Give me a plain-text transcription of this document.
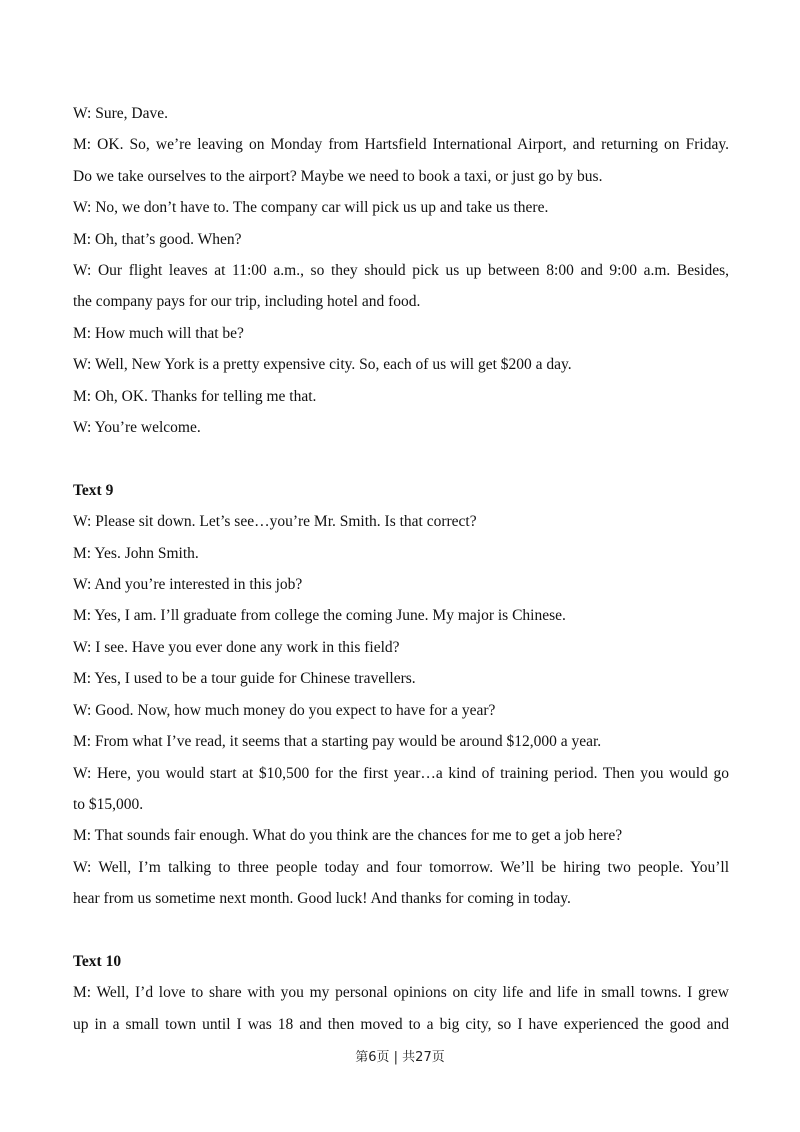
W: Sure, Dave.

M: OK. So, we’re leaving on Monday from Hartsfield International Airport, and returning on Friday.

Do we take ourselves to the airport? Maybe we need to book a taxi, or just go by bus.

W: No, we don’t have to. The company car will pick us up and take us there.

M: Oh, that’s good. When?

W: Our flight leaves at 11:00 a.m., so they should pick us up between 8:00 and 9:00 a.m. Besides,

the company pays for our trip, including hotel and food.

M: How much will that be?

W: Well, New York is a pretty expensive city. So, each of us will get $200 a day.

M: Oh, OK. Thanks for telling me that.

W: You’re welcome.

Text 9

W: Please sit down. Let’s see…you’re Mr. Smith. Is that correct?

M: Yes. John Smith.

W: And you’re interested in this job?

M: Yes, I am. I’ll graduate from college the coming June. My major is Chinese.

W: I see. Have you ever done any work in this field?

M: Yes, I used to be a tour guide for Chinese travellers.

W: Good. Now, how much money do you expect to have for a year?

M: From what I’ve read, it seems that a starting pay would be around $12,000 a year.

W: Here, you would start at $10,500 for the first year…a kind of training period. Then you would go

to $15,000.

M: That sounds fair enough. What do you think are the chances for me to get a job here?

W: Well, I’m talking to three people today and four tomorrow. We’ll be hiring two people. You’ll

hear from us sometime next month. Good luck! And thanks for coming in today.

Text 10

M: Well, I’d love to share with you my personal opinions on city life and life in small towns. I grew

up in a small town until I was 18 and then moved to a big city, so I have experienced the good and

第6页 | 共27页
